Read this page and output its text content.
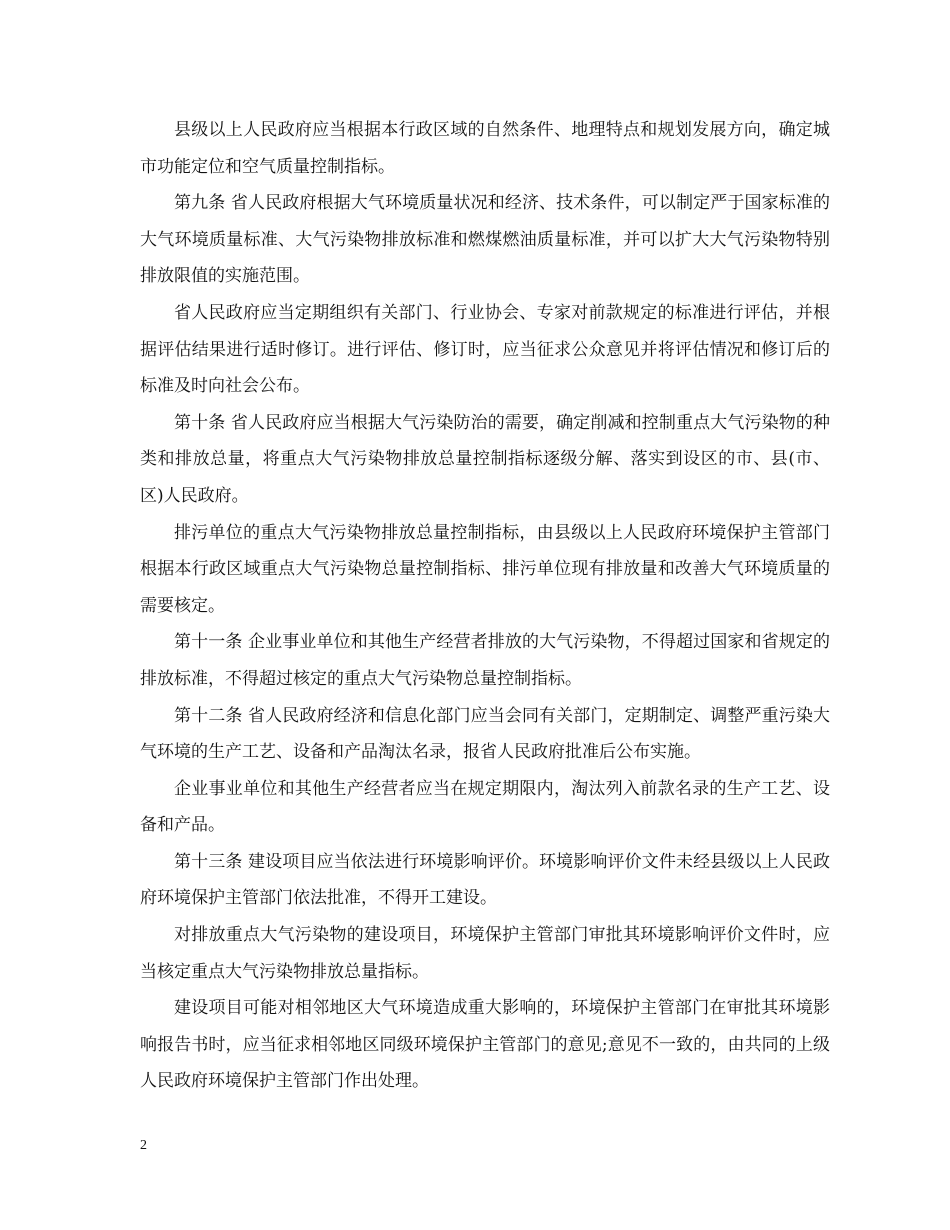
县级以上人民政府应当根据本行政区域的自然条件、地理特点和规划发展方向，确定城市功能定位和空气质量控制指标。

第九条 省人民政府根据大气环境质量状况和经济、技术条件，可以制定严于国家标准的大气环境质量标准、大气污染物排放标准和燃煤燃油质量标准，并可以扩大大气污染物特别排放限值的实施范围。

省人民政府应当定期组织有关部门、行业协会、专家对前款规定的标准进行评估，并根据评估结果进行适时修订。进行评估、修订时，应当征求公众意见并将评估情况和修订后的标准及时向社会公布。

第十条 省人民政府应当根据大气污染防治的需要，确定削减和控制重点大气污染物的种类和排放总量，将重点大气污染物排放总量控制指标逐级分解、落实到设区的市、县(市、区)人民政府。

排污单位的重点大气污染物排放总量控制指标，由县级以上人民政府环境保护主管部门根据本行政区域重点大气污染物总量控制指标、排污单位现有排放量和改善大气环境质量的需要核定。

第十一条 企业事业单位和其他生产经营者排放的大气污染物，不得超过国家和省规定的排放标准，不得超过核定的重点大气污染物总量控制指标。

第十二条 省人民政府经济和信息化部门应当会同有关部门，定期制定、调整严重污染大气环境的生产工艺、设备和产品淘汰名录，报省人民政府批准后公布实施。

企业事业单位和其他生产经营者应当在规定期限内，淘汰列入前款名录的生产工艺、设备和产品。

第十三条 建设项目应当依法进行环境影响评价。环境影响评价文件未经县级以上人民政府环境保护主管部门依法批准，不得开工建设。

对排放重点大气污染物的建设项目，环境保护主管部门审批其环境影响评价文件时，应当核定重点大气污染物排放总量指标。

建设项目可能对相邻地区大气环境造成重大影响的，环境保护主管部门在审批其环境影响报告书时，应当征求相邻地区同级环境保护主管部门的意见;意见不一致的，由共同的上级人民政府环境保护主管部门作出处理。

2
